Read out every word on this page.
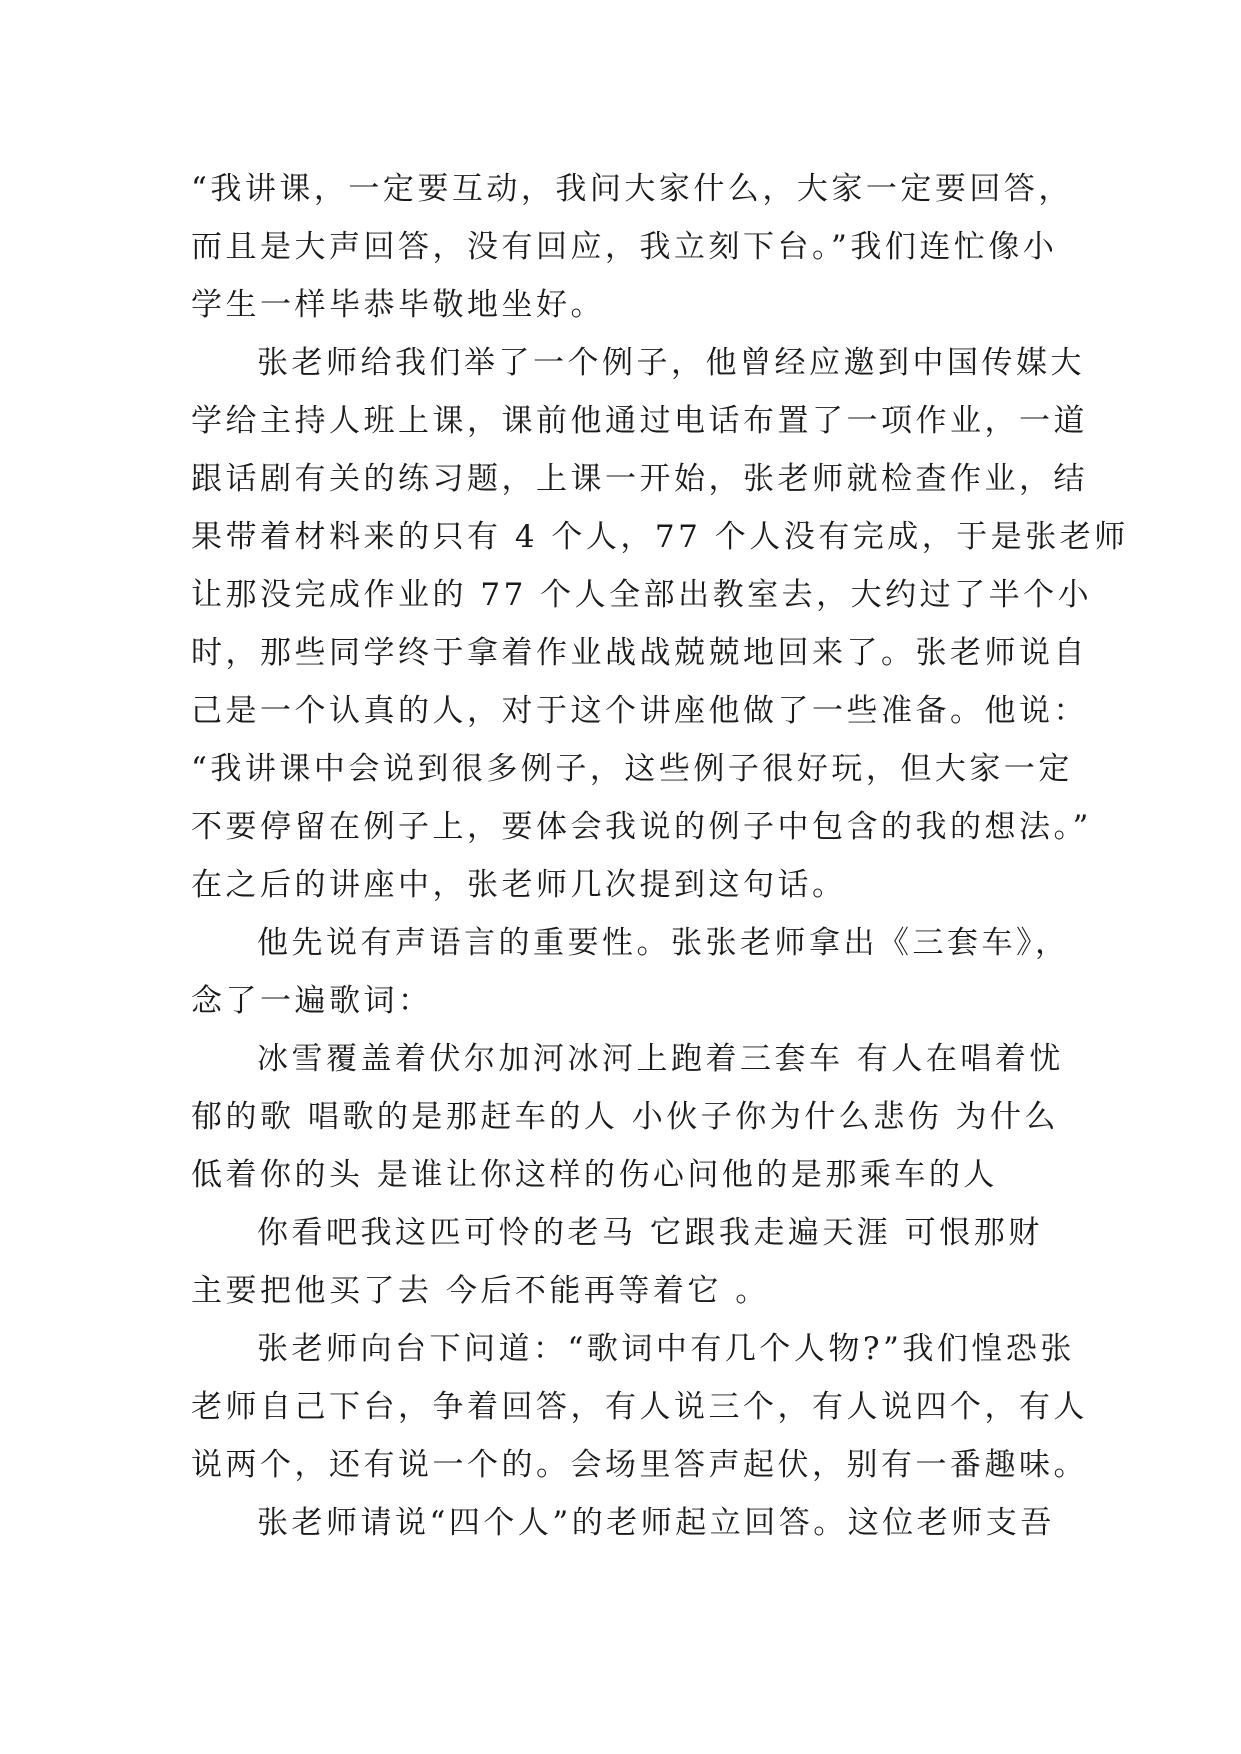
“我讲课，一定要互动，我问大家什么，大家一定要回答，
而且是大声回答，没有回应，我立刻下台。”我们连忙像小
学生一样毕恭毕敬地坐好。
张老师给我们举了一个例子，他曾经应邀到中国传媒大
学给主持人班上课，课前他通过电话布置了一项作业，一道
跟话剧有关的练习题，上课一开始，张老师就检查作业，结
果带着材料来的只有 4 个人，77 个人没有完成，于是张老师
让那没完成作业的 77 个人全部出教室去，大约过了半个小
时，那些同学终于拿着作业战战兢兢地回来了。张老师说自
己是一个认真的人，对于这个讲座他做了一些准备。他说：
“我讲课中会说到很多例子，这些例子很好玩，但大家一定
不要停留在例子上，要体会我说的例子中包含的我的想法。”
在之后的讲座中，张老师几次提到这句话。
他先说有声语言的重要性。张张老师拿出《三套车》，
念了一遍歌词：
冰雪覆盖着伏尔加河冰河上跑着三套车 有人在唱着忧
郁的歌 唱歌的是那赶车的人 小伙子你为什么悲伤 为什么
低着你的头 是谁让你这样的伤心问他的是那乘车的人
你看吧我这匹可怜的老马 它跟我走遍天涯 可恨那财
主要把他买了去 今后不能再等着它 。
张老师向台下问道：“歌词中有几个人物?”我们惶恐张
老师自己下台，争着回答，有人说三个，有人说四个，有人
说两个，还有说一个的。会场里答声起伏，别有一番趣味。
张老师请说“四个人”的老师起立回答。这位老师支吾
